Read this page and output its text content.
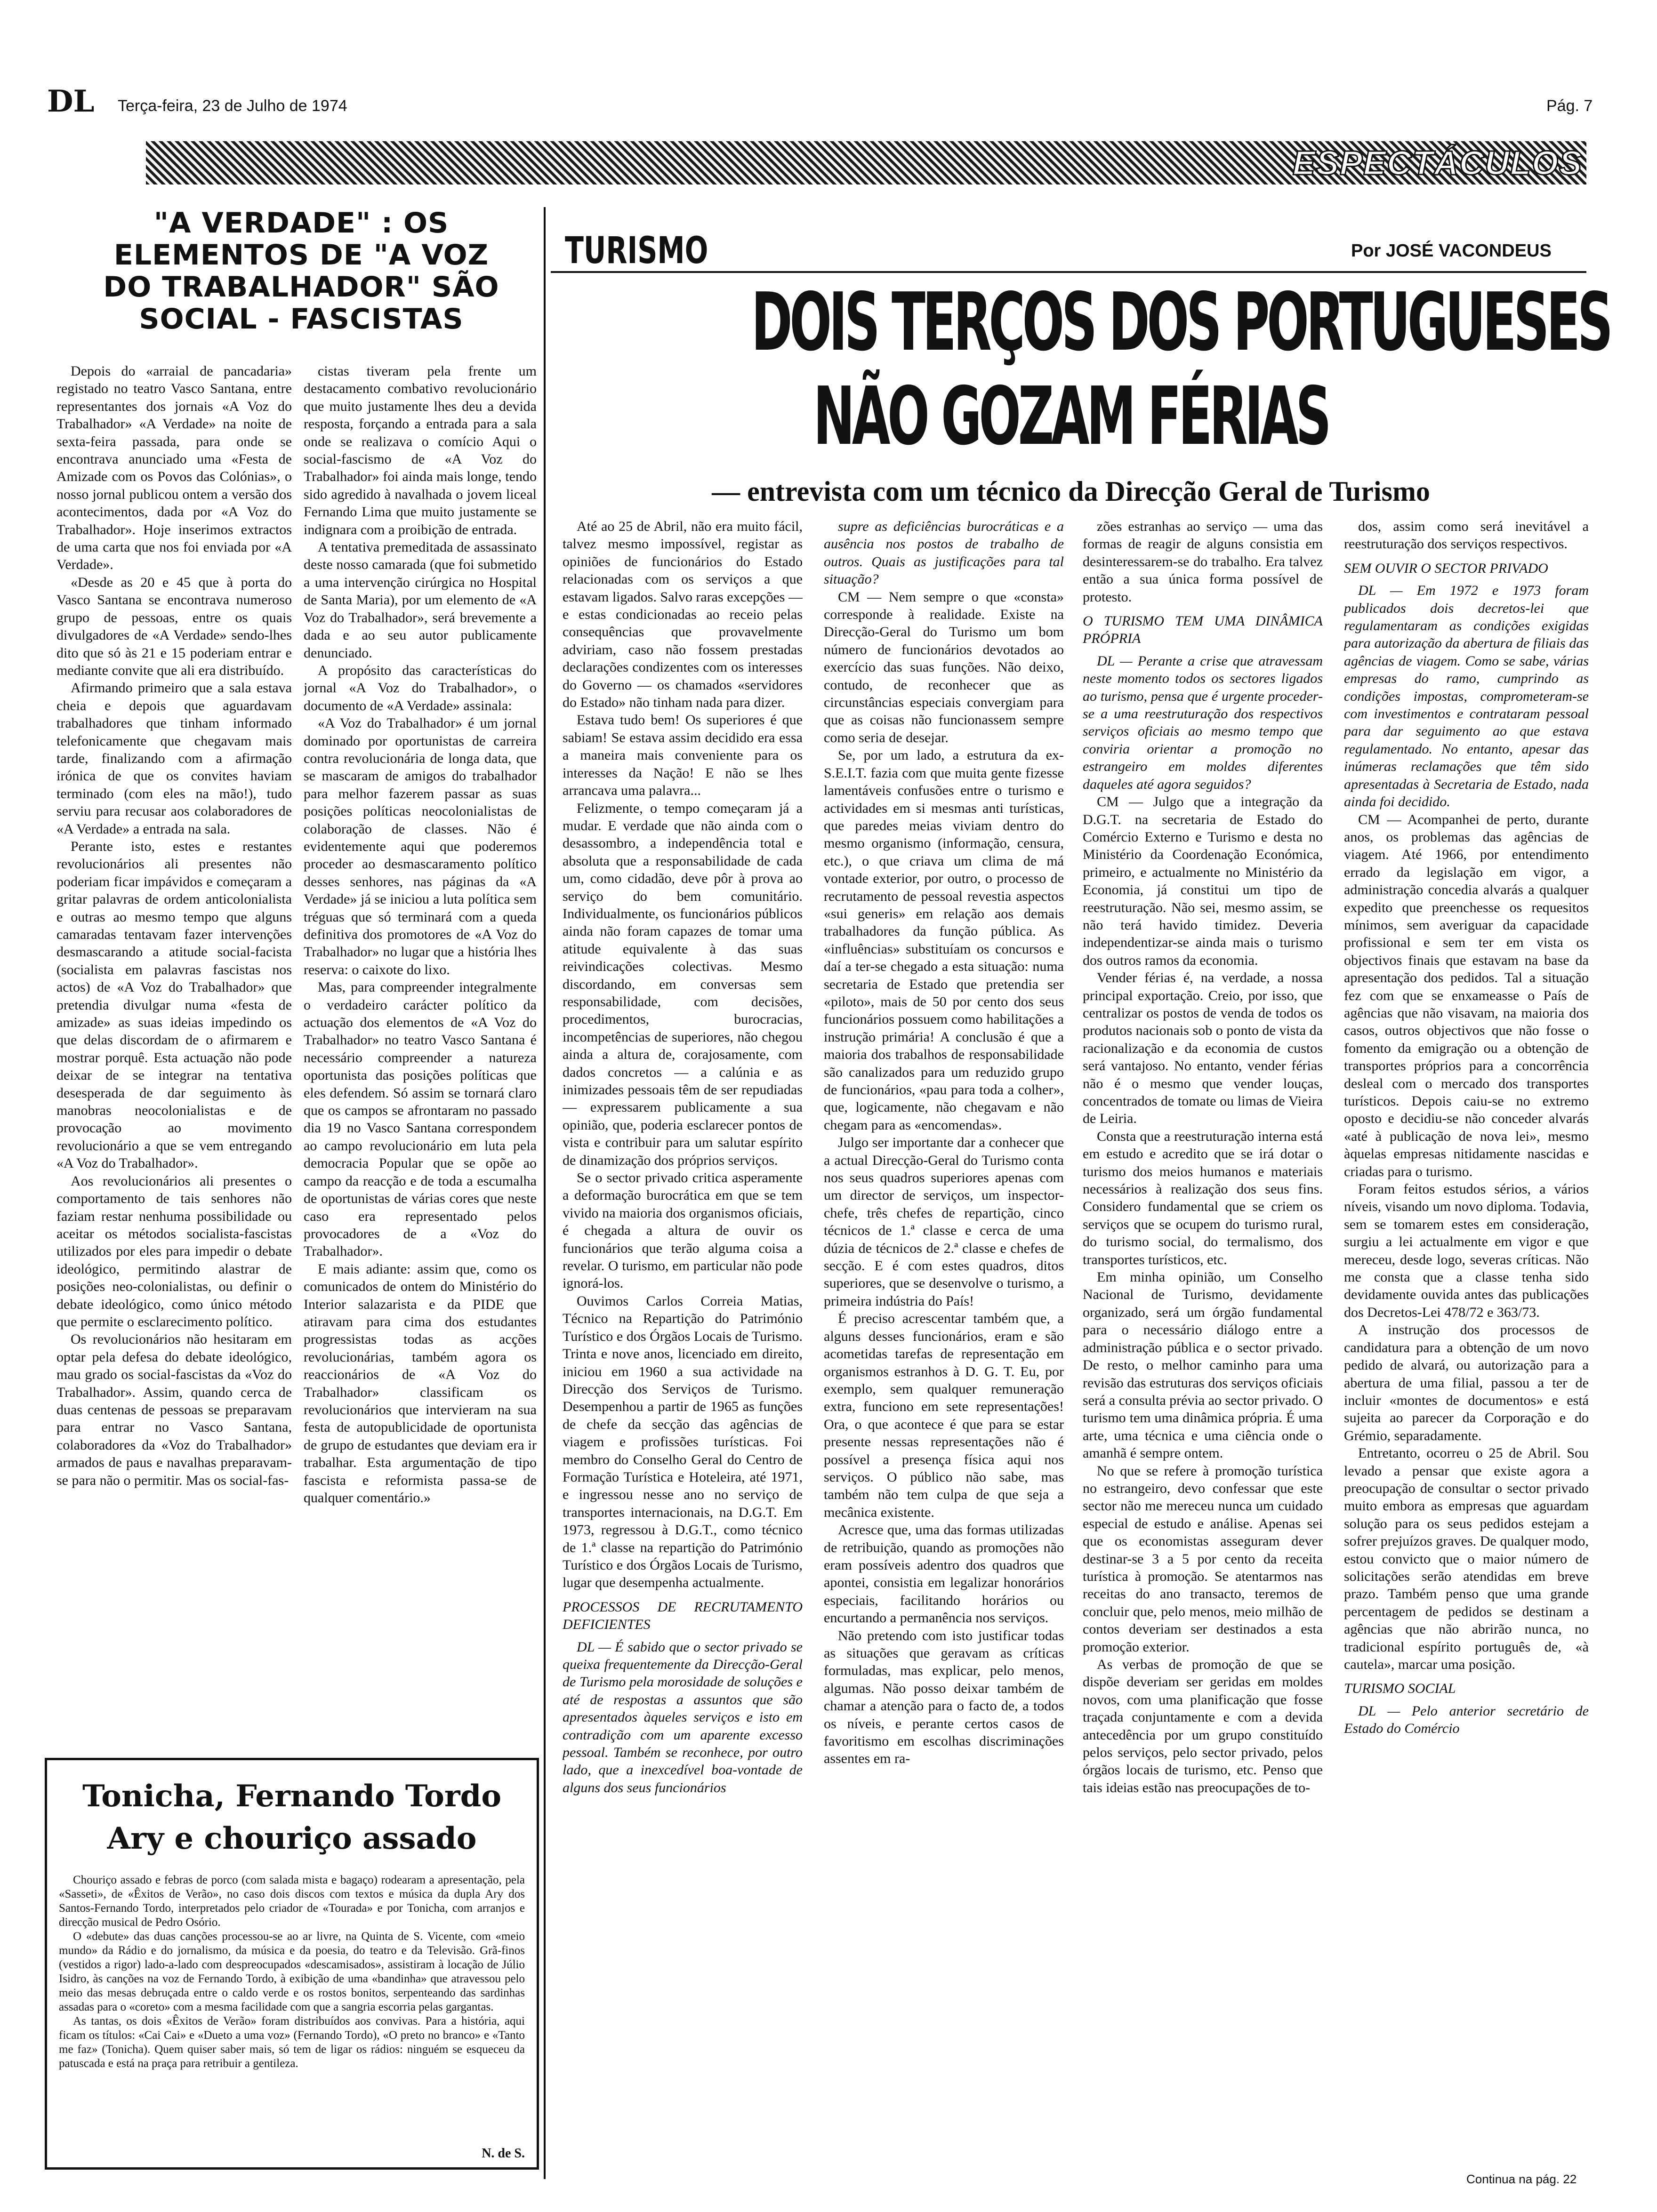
DL Terça-feira, 23 de Julho de 1974	Pág. 7
ESPECTÁCULOS
"A VERDADE" : OS ELEMENTOS DE "A VOZ DO TRABALHADOR" SÃO SOCIAL - FASCISTAS

Depois do «arraial de pancadaria» registado no teatro Vasco Santana, entre representantes dos jornais «A Voz do Trabalhador» «A Verdade» na noite de sexta-feira passada, para onde se encontrava anunciado uma «Festa de Amizade com os Povos das Colónias», o nosso jornal publicou ontem a versão dos acontecimentos, dada por «A Voz do Trabalhador». Hoje inserimos extractos de uma carta que nos foi enviada por «A Verdade».

«Desde as 20 e 45 que à porta do Vasco Santana se encontrava numeroso grupo de pessoas, entre os quais divulgadores de «A Verdade» sendo-lhes dito que só às 21 e 15 poderiam entrar e mediante convite que ali era distribuído.

Afirmando primeiro que a sala estava cheia e depois que aguardavam trabalhadores que tinham informado telefonicamente que chegavam mais tarde, finalizando com a afirmação irónica de que os convites haviam terminado (com eles na mão!), tudo serviu para recusar aos colaboradores de «A Verdade» a entrada na sala.

Perante isto, estes e restantes revolucionários ali presentes não poderiam ficar impávidos e começaram a gritar palavras de ordem anticolonialista e outras ao mesmo tempo que alguns camaradas tentavam fazer intervenções desmascarando a atitude social-facista (socialista em palavras fascistas nos actos) de «A Voz do Trabalhador» que pretendia divulgar numa «festa de amizade» as suas ideias impedindo os que delas discordam de o afirmarem e mostrar porquê. Esta actuação não pode deixar de se integrar na tentativa desesperada de dar seguimento às manobras neocolonialistas e de provocação ao movimento revolucionário a que se vem entregando «A Voz do Trabalhador».

Aos revolucionários ali presentes o comportamento de tais senhores não faziam restar nenhuma possibilidade ou aceitar os métodos socialista-fascistas utilizados por eles para impedir o debate ideológico, permitindo alastrar de posições neo-colonialistas, ou definir o debate ideológico, como único método que permite o esclarecimento político.

Os revolucionários não hesitaram em optar pela defesa do debate ideológico, mau grado os social-fascistas da «Voz do Trabalhador». Assim, quando cerca de duas centenas de pessoas se preparavam para entrar no Vasco Santana, colaboradores da «Voz do Trabalhador» armados de paus e navalhas preparavam-se para não o permitir. Mas os social-fas-

cistas tiveram pela frente um destacamento combativo revolucionário que muito justamente lhes deu a devida resposta, forçando a entrada para a sala onde se realizava o comício Aqui o social-fascismo de «A Voz do Trabalhador» foi ainda mais longe, tendo sido agredido à navalhada o jovem liceal Fernando Lima que muito justamente se indignara com a proibição de entrada.

A tentativa premeditada de assassinato deste nosso camarada (que foi submetido a uma intervenção cirúrgica no Hospital de Santa Maria), por um elemento de «A Voz do Trabalhador», será brevemente a dada e ao seu autor publicamente denunciado.

A propósito das características do jornal «A Voz do Trabalhador», o documento de «A Verdade» assinala:

«A Voz do Trabalhador» é um jornal dominado por oportunistas de carreira contra revolucionária de longa data, que se mascaram de amigos do trabalhador para melhor fazerem passar as suas posições políticas neocolonialistas de colaboração de classes. Não é evidentemente aqui que poderemos proceder ao desmascaramento político desses senhores, nas páginas da «A Verdade» já se iniciou a luta política sem tréguas que só terminará com a queda definitiva dos promotores de «A Voz do Trabalhador» no lugar que a história lhes reserva: o caixote do lixo.

Mas, para compreender integralmente o verdadeiro carácter político da actuação dos elementos de «A Voz do Trabalhador» no teatro Vasco Santana é necessário compreender a natureza oportunista das posições políticas que eles defendem. Só assim se tornará claro que os campos se afrontaram no passado dia 19 no Vasco Santana correspondem ao campo revolucionário em luta pela democracia Popular que se opõe ao campo da reacção e de toda a escumalha de oportunistas de várias cores que neste caso era representado pelos provocadores de a «Voz do Trabalhador».

E mais adiante: assim que, como os comunicados de ontem do Ministério do Interior salazarista e da PIDE que atiravam para cima dos estudantes progressistas todas as acções revolucionárias, também agora os reaccionários de «A Voz do Trabalhador» classificam os revolucionários que intervieram na sua festa de autopublicidade de oportunista de grupo de estudantes que deviam era ir trabalhar. Esta argumentação de tipo fascista e reformista passa-se de qualquer comentário.»

Tonicha, Fernando Tordo
Ary e chouriço assado

Chouriço assado e febras de porco (com salada mista e bagaço) rodearam a apresentação, pela «Sasseti», de «Êxitos de Verão», no caso dois discos com textos e música da dupla Ary dos Santos-Fernando Tordo, interpretados pelo criador de «Tourada» e por Tonicha, com arranjos e direcção musical de Pedro Osório.

O «debute» das duas canções processou-se ao ar livre, na Quinta de S. Vicente, com «meio mundo» da Rádio e do jornalismo, da música e da poesia, do teatro e da Televisão. Grã-finos (vestidos a rigor) lado-a-lado com despreocupados «descamisados», assistiram à locação de Júlio Isidro, às canções na voz de Fernando Tordo, à exibição de uma «bandinha» que atravessou pelo meio das mesas debruçada entre o caldo verde e os rostos bonitos, serpenteando das sardinhas assadas para o «coreto» com a mesma facilidade com que a sangria escorria pelas gargantas.

As tantas, os dois «Êxitos de Verão» foram distribuídos aos convivas. Para a história, aqui ficam os títulos: «Cai Cai» e «Dueto a uma voz» (Fernando Tordo), «O preto no branco» e «Tanto me faz» (Tonicha). Quem quiser saber mais, só tem de ligar os rádios: ninguém se esqueceu da patuscada e está na praça para retribuir a gentileza.

N. de S.
TURISMO	Por JOSÉ VACONDEUS
DOIS TERÇOS DOS PORTUGUESES
NÃO GOZAM FÉRIAS
— entrevista com um técnico da Direcção Geral de Turismo

Até ao 25 de Abril, não era muito fácil, talvez mesmo impossível, registar as opiniões de funcionários do Estado relacionadas com os serviços a que estavam ligados. Salvo raras excepções — e estas condicionadas ao receio pelas consequências que provavelmente adviriam, caso não fossem prestadas declarações condizentes com os interesses do Governo — os chamados «servidores do Estado» não tinham nada para dizer.

Estava tudo bem! Os superiores é que sabiam! Se estava assim decidido era essa a maneira mais conveniente para os interesses da Nação! E não se lhes arrancava uma palavra...

Felizmente, o tempo começaram já a mudar. E verdade que não ainda com o desassombro, a independência total e absoluta que a responsabilidade de cada um, como cidadão, deve pôr à prova ao serviço do bem comunitário. Individualmente, os funcionários públicos ainda não foram capazes de tomar uma atitude equivalente à das suas reivindicações colectivas. Mesmo discordando, em conversas sem responsabilidade, com decisões, procedimentos, burocracias, incompetências de superiores, não chegou ainda a altura de, corajosamente, com dados concretos — a calúnia e as inimizades pessoais têm de ser repudiadas — expressarem publicamente a sua opinião, que, poderia esclarecer pontos de vista e contribuir para um salutar espírito de dinamização dos próprios serviços.

Se o sector privado critica asperamente a deformação burocrática em que se tem vivido na maioria dos organismos oficiais, é chegada a altura de ouvir os funcionários que terão alguma coisa a revelar. O turismo, em particular não pode ignorá-los.

Ouvimos Carlos Correia Matias, Técnico na Repartição do Património Turístico e dos Órgãos Locais de Turismo. Trinta e nove anos, licenciado em direito, iniciou em 1960 a sua actividade na Direcção dos Serviços de Turismo. Desempenhou a partir de 1965 as funções de chefe da secção das agências de viagem e profissões turísticas. Foi membro do Conselho Geral do Centro de Formação Turística e Hoteleira, até 1971, e ingressou nesse ano no serviço de transportes internacionais, na D.G.T. Em 1973, regressou à D.G.T., como técnico de 1.ª classe na repartição do Património Turístico e dos Órgãos Locais de Turismo, lugar que desempenha actualmente.

PROCESSOS DE RECRUTAMENTO DEFICIENTES

DL — É sabido que o sector privado se queixa frequentemente da Direcção-Geral de Turismo pela morosidade de soluções e até de respostas a assuntos que são apresentados àqueles serviços e isto em contradição com um aparente excesso pessoal. Também se reconhece, por outro lado, que a inexcedível boa-vontade de alguns dos seus funcionários

supre as deficiências burocráticas e a ausência nos postos de trabalho de outros. Quais as justificações para tal situação?

CM — Nem sempre o que «consta» corresponde à realidade. Existe na Direcção-Geral do Turismo um bom número de funcionários devotados ao exercício das suas funções. Não deixo, contudo, de reconhecer que as circunstâncias especiais convergiam para que as coisas não funcionassem sempre como seria de desejar.

Se, por um lado, a estrutura da ex-S.E.I.T. fazia com que muita gente fizesse lamentáveis confusões entre o turismo e actividades em si mesmas anti turísticas, que paredes meias viviam dentro do mesmo organismo (informação, censura, etc.), o que criava um clima de má vontade exterior, por outro, o processo de recrutamento de pessoal revestia aspectos «sui generis» em relação aos demais trabalhadores da função pública. As «influências» substituíam os concursos e daí a ter-se chegado a esta situação: numa secretaria de Estado que pretendia ser «piloto», mais de 50 por cento dos seus funcionários possuem como habilitações a instrução primária! A conclusão é que a maioria dos trabalhos de responsabilidade são canalizados para um reduzido grupo de funcionários, «pau para toda a colher», que, logicamente, não chegavam e não chegam para as «encomendas».

Julgo ser importante dar a conhecer que a actual Direcção-Geral do Turismo conta nos seus quadros superiores apenas com um director de serviços, um inspector-chefe, três chefes de repartição, cinco técnicos de 1.ª classe e cerca de uma dúzia de técnicos de 2.ª classe e chefes de secção. E é com estes quadros, ditos superiores, que se desenvolve o turismo, a primeira indústria do País!

É preciso acrescentar também que, a alguns desses funcionários, eram e são acometidas tarefas de representação em organismos estranhos à D. G. T. Eu, por exemplo, sem qualquer remuneração extra, funciono em sete representações! Ora, o que acontece é que para se estar presente nessas representações não é possível a presença física aqui nos serviços. O público não sabe, mas também não tem culpa de que seja a mecânica existente.

Acresce que, uma das formas utilizadas de retribuição, quando as promoções não eram possíveis adentro dos quadros que apontei, consistia em legalizar honorários especiais, facilitando horários ou encurtando a permanência nos serviços.

Não pretendo com isto justificar todas as situações que geravam as críticas formuladas, mas explicar, pelo menos, algumas. Não posso deixar também de chamar a atenção para o facto de, a todos os níveis, e perante certos casos de favoritismo em escolhas discriminações assentes em ra-

zões estranhas ao serviço — uma das formas de reagir de alguns consistia em desinteressarem-se do trabalho. Era talvez então a sua única forma possível de protesto.

O TURISMO TEM UMA DINÂMICA PRÓPRIA

DL — Perante a crise que atravessam neste momento todos os sectores ligados ao turismo, pensa que é urgente proceder-se a uma reestruturação dos respectivos serviços oficiais ao mesmo tempo que conviria orientar a promoção no estrangeiro em moldes diferentes daqueles até agora seguidos?

CM — Julgo que a integração da D.G.T. na secretaria de Estado do Comércio Externo e Turismo e desta no Ministério da Coordenação Económica, primeiro, e actualmente no Ministério da Economia, já constitui um tipo de reestruturação. Não sei, mesmo assim, se não terá havido timidez. Deveria independentizar-se ainda mais o turismo dos outros ramos da economia.

Vender férias é, na verdade, a nossa principal exportação. Creio, por isso, que centralizar os postos de venda de todos os produtos nacionais sob o ponto de vista da racionalização e da economia de custos será vantajoso. No entanto, vender férias não é o mesmo que vender louças, concentrados de tomate ou limas de Vieira de Leiria.

Consta que a reestruturação interna está em estudo e acredito que se irá dotar o turismo dos meios humanos e materiais necessários à realização dos seus fins. Considero fundamental que se criem os serviços que se ocupem do turismo rural, do turismo social, do termalismo, dos transportes turísticos, etc.

Em minha opinião, um Conselho Nacional de Turismo, devidamente organizado, será um órgão fundamental para o necessário diálogo entre a administração pública e o sector privado. De resto, o melhor caminho para uma revisão das estruturas dos serviços oficiais será a consulta prévia ao sector privado. O turismo tem uma dinâmica própria. É uma arte, uma técnica e uma ciência onde o amanhã é sempre ontem.

No que se refere à promoção turística no estrangeiro, devo confessar que este sector não me mereceu nunca um cuidado especial de estudo e análise. Apenas sei que os economistas asseguram dever destinar-se 3 a 5 por cento da receita turística à promoção. Se atentarmos nas receitas do ano transacto, teremos de concluir que, pelo menos, meio milhão de contos deveriam ser destinados a esta promoção exterior.

As verbas de promoção de que se dispõe deveriam ser geridas em moldes novos, com uma planificação que fosse traçada conjuntamente e com a devida antecedência por um grupo constituído pelos serviços, pelo sector privado, pelos órgãos locais de turismo, etc. Penso que tais ideias estão nas preocupações de to-

dos, assim como será inevitável a reestruturação dos serviços respectivos.

SEM OUVIR O SECTOR PRIVADO

DL — Em 1972 e 1973 foram publicados dois decretos-lei que regulamentaram as condições exigidas para autorização da abertura de filiais das agências de viagem. Como se sabe, várias empresas do ramo, cumprindo as condições impostas, comprometeram-se com investimentos e contrataram pessoal para dar seguimento ao que estava regulamentado. No entanto, apesar das inúmeras reclamações que têm sido apresentadas à Secretaria de Estado, nada ainda foi decidido.

CM — Acompanhei de perto, durante anos, os problemas das agências de viagem. Até 1966, por entendimento errado da legislação em vigor, a administração concedia alvarás a qualquer expedito que preenchesse os requesitos mínimos, sem averiguar da capacidade profissional e sem ter em vista os objectivos finais que estavam na base da apresentação dos pedidos. Tal a situação fez com que se enxameasse o País de agências que não visavam, na maioria dos casos, outros objectivos que não fosse o fomento da emigração ou a obtenção de transportes próprios para a concorrência desleal com o mercado dos transportes turísticos. Depois caiu-se no extremo oposto e decidiu-se não conceder alvarás «até à publicação de nova lei», mesmo àquelas empresas nitidamente nascidas e criadas para o turismo.

Foram feitos estudos sérios, a vários níveis, visando um novo diploma. Todavia, sem se tomarem estes em consideração, surgiu a lei actualmente em vigor e que mereceu, desde logo, severas críticas. Não me consta que a classe tenha sido devidamente ouvida antes das publicações dos Decretos-Lei 478/72 e 363/73.

A instrução dos processos de candidatura para a obtenção de um novo pedido de alvará, ou autorização para a abertura de uma filial, passou a ter de incluir «montes de documentos» e está sujeita ao parecer da Corporação e do Grémio, separadamente.

Entretanto, ocorreu o 25 de Abril. Sou levado a pensar que existe agora a preocupação de consultar o sector privado muito embora as empresas que aguardam solução para os seus pedidos estejam a sofrer prejuízos graves. De qualquer modo, estou convicto que o maior número de solicitações serão atendidas em breve prazo. Também penso que uma grande percentagem de pedidos se destinam a agências que não abrirão nunca, no tradicional espírito português de, «à cautela», marcar uma posição.

TURISMO SOCIAL

DL — Pelo anterior secretário de Estado do Comércio

Continua na pág. 22
